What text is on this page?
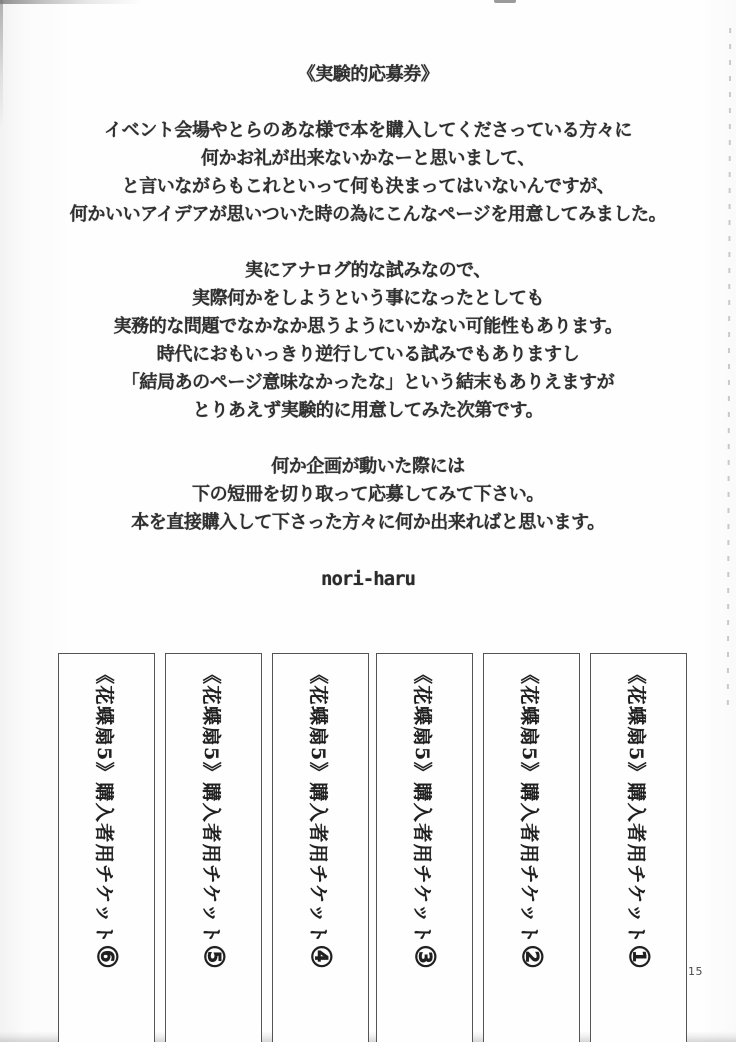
《実験的応募券》
イベント会場やとらのあな様で本を購入してくださっている方々に
何かお礼が出来ないかなーと思いまして、
と言いながらもこれといって何も決まってはいないんですが、
何かいいアイデアが思いついた時の為にこんなページを用意してみました。
実にアナログ的な試みなので、
実際何かをしようという事になったとしても
実務的な問題でなかなか思うようにいかない可能性もあります。
時代におもいっきり逆行している試みでもありますし
「結局あのページ意味なかったな」という結末もありえますが
とりあえず実験的に用意してみた次第です。
何か企画が動いた際には
下の短冊を切り取って応募してみて下さい。
本を直接購入して下さった方々に何か出来ればと思います。
nori-haru
《花蝶扇5》購入者用チケット⑥
《花蝶扇5》購入者用チケット⑤
《花蝶扇5》購入者用チケット④
《花蝶扇5》購入者用チケット③
《花蝶扇5》購入者用チケット②
《花蝶扇5》購入者用チケット①
15
